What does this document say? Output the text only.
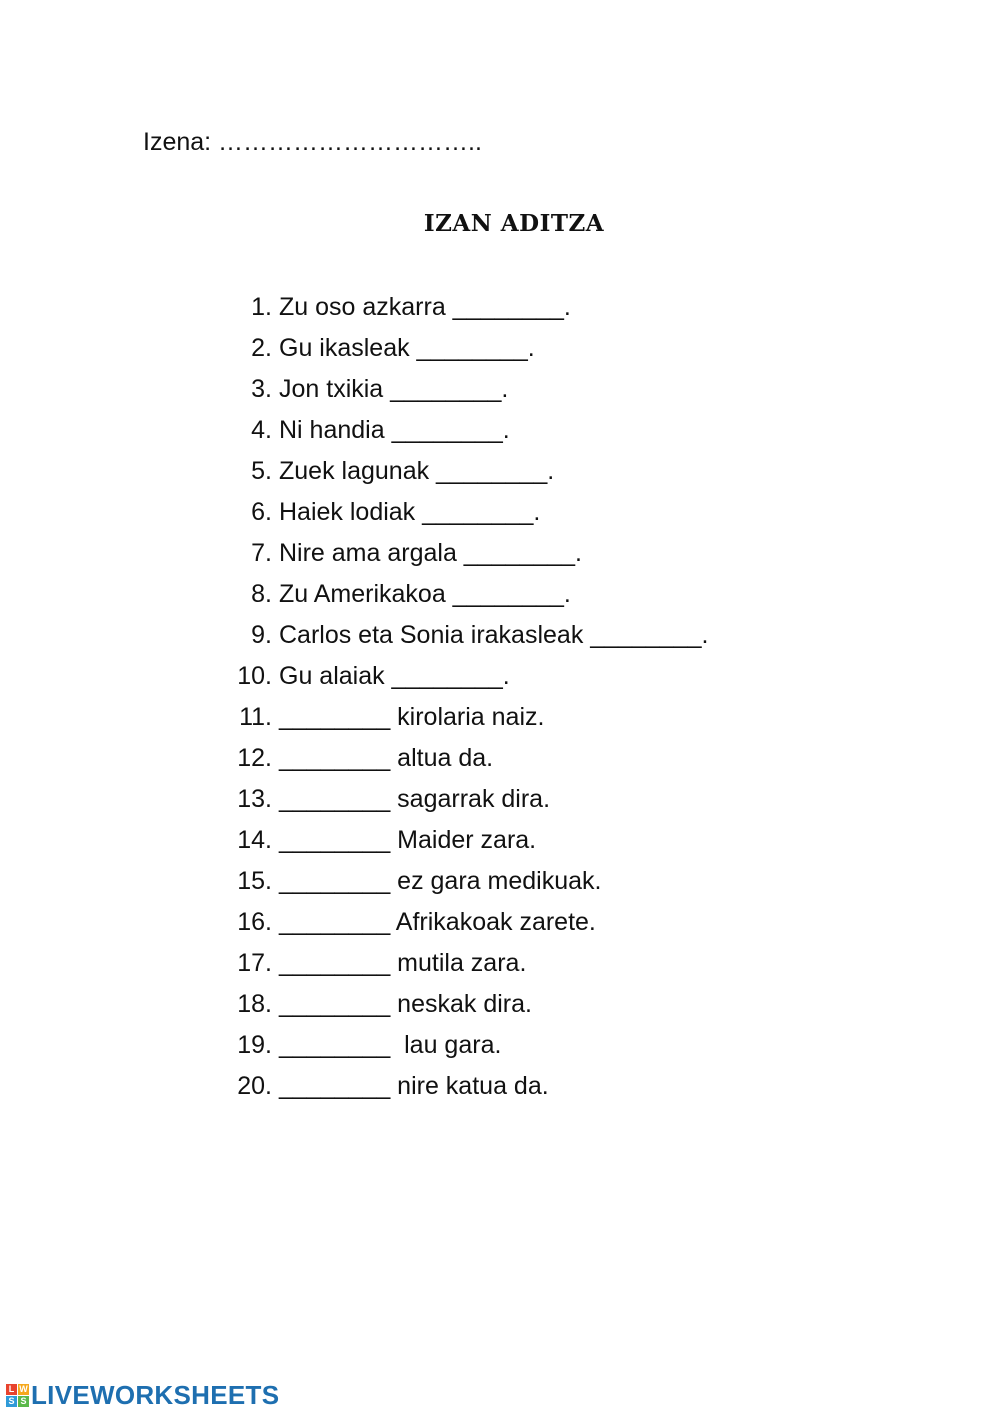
Izena: …………………………..
IZAN ADITZA
1. Zu oso azkarra ________.
2. Gu ikasleak ________.
3. Jon txikia ________.
4. Ni handia ________.
5. Zuek lagunak ________.
6. Haiek lodiak ________.
7. Nire ama argala ________.
8. Zu Amerikakoa ________.
9. Carlos eta Sonia irakasleak ________.
10. Gu alaiak ________.
11. ________ kirolaria naiz.
12. ________ altua da.
13. ________ sagarrak dira.
14. ________ Maider zara.
15. ________ ez gara medikuak.
16. ________ Afrikakoak zarete.
17. ________ mutila zara.
18. ________ neskak dira.
19. ________  lau gara.
20. ________ nire katua da.
L W
S S LIVEWORKSHEETS
